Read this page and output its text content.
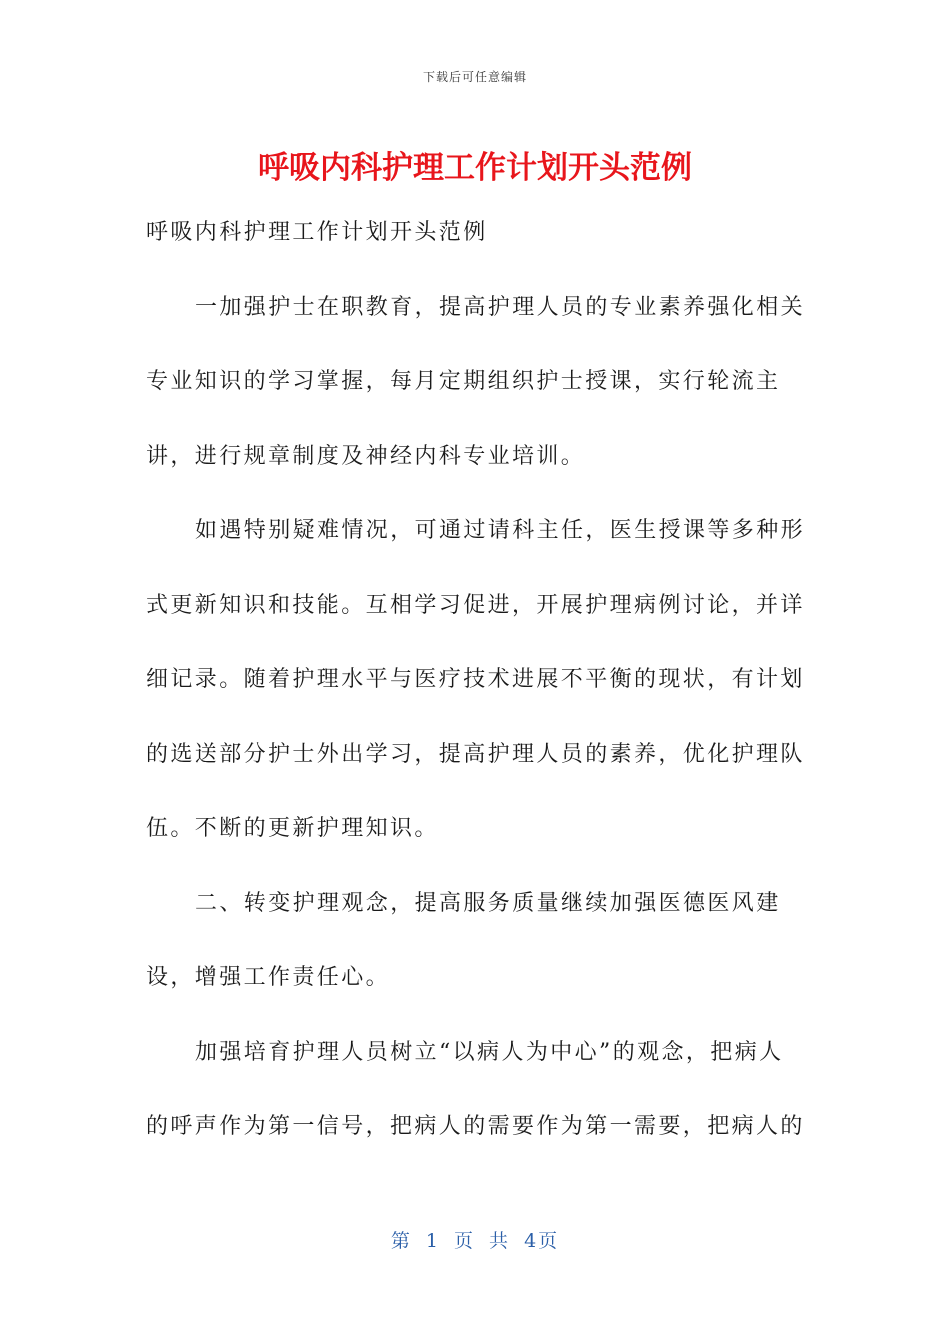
下载后可任意编辑
呼吸内科护理工作计划开头范例

呼吸内科护理工作计划开头范例

一加强护士在职教育，提高护理人员的专业素养强化相关专业知识的学习掌握，每月定期组织护士授课，实行轮流主讲，进行规章制度及神经内科专业培训。

如遇特别疑难情况，可通过请科主任，医生授课等多种形式更新知识和技能。互相学习促进，开展护理病例讨论，并详细记录。随着护理水平与医疗技术进展不平衡的现状，有计划的选送部分护士外出学习，提高护理人员的素养，优化护理队伍。不断的更新护理知识。

二、转变护理观念，提高服务质量继续加强医德医风建设，增强工作责任心。

加强培育护理人员树立“以病人为中心”的观念，把病人的呼声作为第一信号，把病人的需要作为第一需要，把病人的

第 1 页 共 4页
